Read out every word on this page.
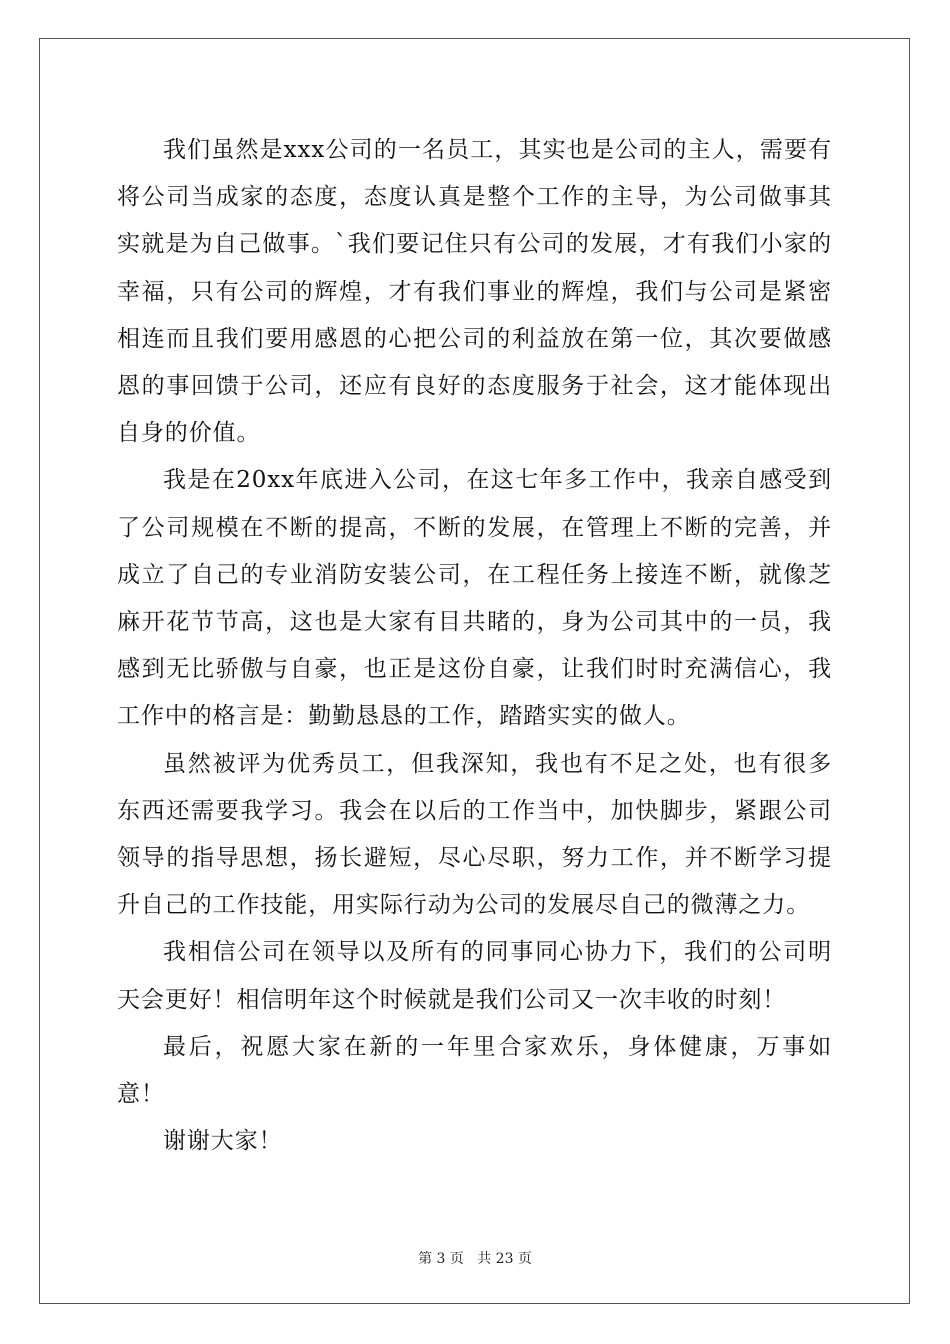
我们虽然是xxx公司的一名员工，其实也是公司的主人，需要有将公司当成家的态度，态度认真是整个工作的主导，为公司做事其实就是为自己做事。`我们要记住只有公司的发展，才有我们小家的幸福，只有公司的辉煌，才有我们事业的辉煌，我们与公司是紧密相连而且我们要用感恩的心把公司的利益放在第一位，其次要做感恩的事回馈于公司，还应有良好的态度服务于社会，这才能体现出自身的价值。

我是在20xx年底进入公司，在这七年多工作中，我亲自感受到了公司规模在不断的提高，不断的发展，在管理上不断的完善，并成立了自己的专业消防安装公司，在工程任务上接连不断，就像芝麻开花节节高，这也是大家有目共睹的，身为公司其中的一员，我感到无比骄傲与自豪，也正是这份自豪，让我们时时充满信心，我工作中的格言是：勤勤恳恳的工作，踏踏实实的做人。

虽然被评为优秀员工，但我深知，我也有不足之处，也有很多东西还需要我学习。我会在以后的工作当中，加快脚步，紧跟公司领导的指导思想，扬长避短，尽心尽职，努力工作，并不断学习提升自己的工作技能，用实际行动为公司的发展尽自己的微薄之力。

我相信公司在领导以及所有的同事同心协力下，我们的公司明天会更好！相信明年这个时候就是我们公司又一次丰收的时刻！

最后，祝愿大家在新的一年里合家欢乐，身体健康，万事如意！

谢谢大家！

第 3 页   共 23 页
